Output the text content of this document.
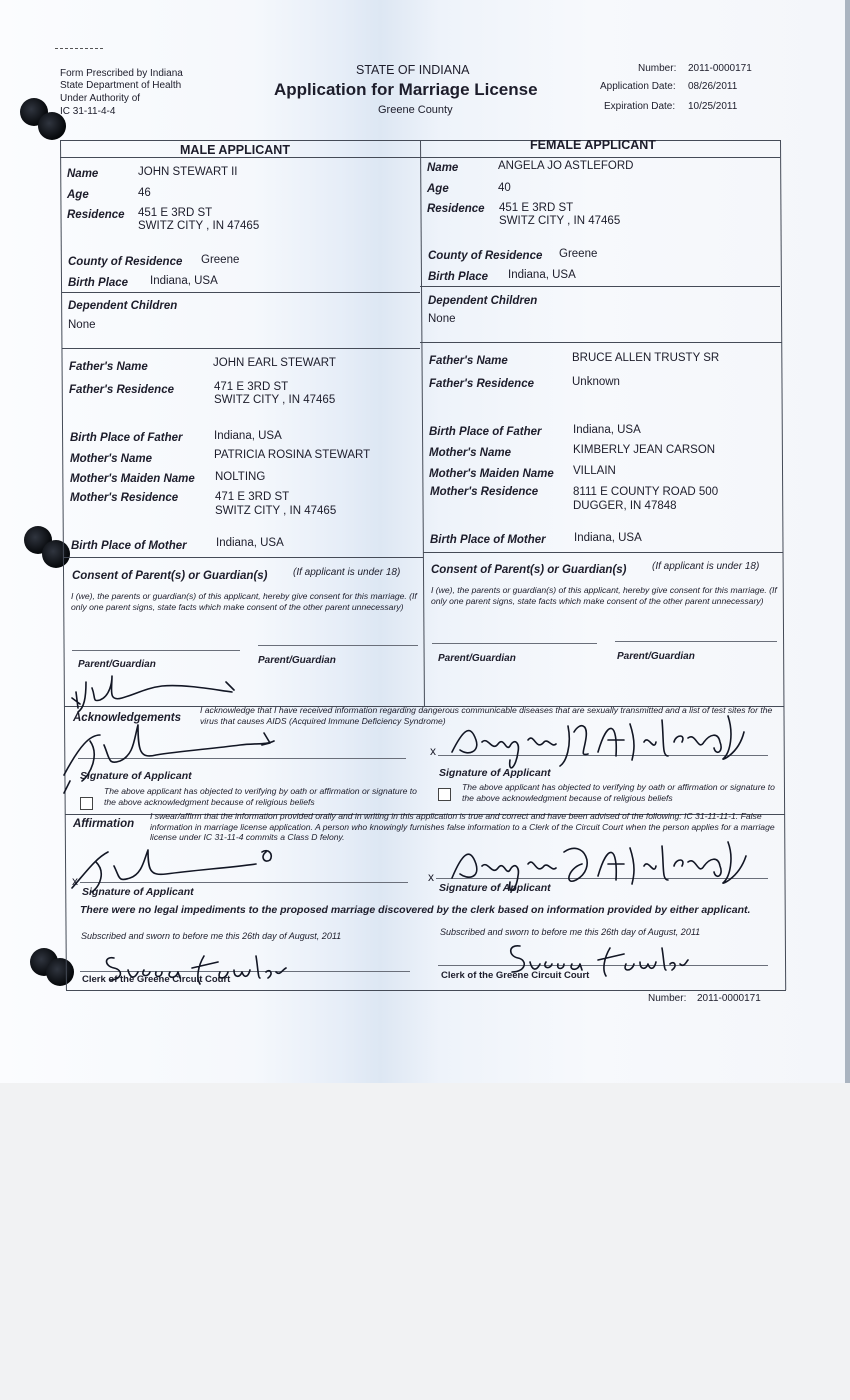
Form Prescribed by Indiana
State Department of Health
Under Authority of
IC 31-11-4-4
STATE OF INDIANA
Application for Marriage License
Greene County
Number: 2011-0000171
Application Date: 08/26/2011
Expiration Date: 10/25/2011
MALE APPLICANT	FEMALE APPLICANT
Name	JOHN STEWART II
Age	46
Residence 451 E 3RD ST
SWITZ CITY , IN 47465
County of Residence Greene
Birth Place Indiana, USA
Dependent Children
None
Father's Name	JOHN EARL STEWART
Father's Residence	471 E 3RD ST
SWITZ CITY , IN 47465
Birth Place of Father	Indiana, USA
Mother's Name	PATRICIA ROSINA STEWART
Mother's Maiden Name NOLTING
Mother's Residence	471 E 3RD ST
SWITZ CITY , IN 47465
Birth Place of Mother	Indiana, USA
Name	ANGELA JO ASTLEFORD
Age	40
Residence 451 E 3RD ST
SWITZ CITY , IN 47465
County of Residence Greene
Birth Place Indiana, USA
Dependent Children
None
Father's Name	BRUCE ALLEN TRUSTY SR
Father's Residence	Unknown
Birth Place of Father	Indiana, USA
Mother's Name	KIMBERLY JEAN CARSON
Mother's Maiden Name VILLAIN
Mother's Residence	8111 E COUNTY ROAD 500
DUGGER, IN 47848
Birth Place of Mother Indiana, USA
Consent of Parent(s) or Guardian(s)	(If applicant is under 18)
I (we), the parents or guardian(s) of this applicant, hereby give consent for this marriage. (If only one parent signs, state facts which make consent of the other parent unnecessary)
Parent/Guardian	Parent/Guardian
Consent of Parent(s) or Guardian(s)	(If applicant is under 18)
I (we), the parents or guardian(s) of this applicant, hereby give consent for this marriage. (If only one parent signs, state facts which make consent of the other parent unnecessary)
Parent/Guardian	Parent/Guardian
Acknowledgements
I acknowledge that I have received information regarding dangerous communicable diseases that are sexually transmitted and a list of test sites for the virus that causes AIDS (Acquired Immune Deficiency Syndrome)
x
Signature of Applicant	Signature of Applicant
The above applicant has objected to verifying by oath or affirmation or signature to the above acknowledgment because of religious beliefs
The above applicant has objected to verifying by oath or affirmation or signature to the above acknowledgment because of religious beliefs
Affirmation
I swear/affirm that the information provided orally and in writing in this application is true and correct and have been advised of the following: IC 31-11-11-1. False information in marriage license application. A person who knowingly furnishes false information to a Clerk of the Circuit Court when the person applies for a marriage license under IC 31-11-4 commits a Class D felony.
x	x
Signature of Applicant	Signature of Applicant
There were no legal impediments to the proposed marriage discovered by the clerk based on information provided by either applicant.
Subscribed and sworn to before me this 26th day of August, 2011	Subscribed and sworn to before me this 26th day of August, 2011
Clerk of the Greene Circuit Court	Clerk of the Greene Circuit Court
Number: 2011-0000171
